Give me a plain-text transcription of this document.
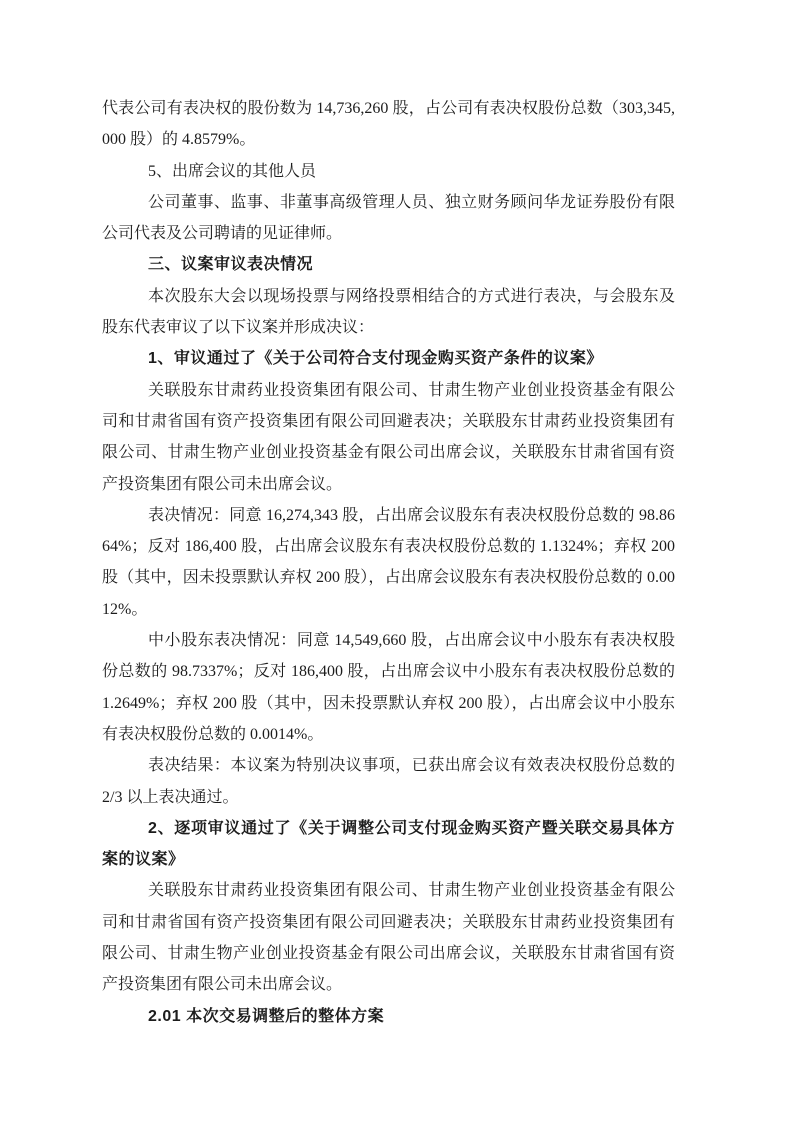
代表公司有表决权的股份数为 14,736,260 股，占公司有表决权股份总数（303,345,000 股）的 4.8579%。

5、出席会议的其他人员

公司董事、监事、非董事高级管理人员、独立财务顾问华龙证券股份有限公司代表及公司聘请的见证律师。

三、议案审议表决情况

本次股东大会以现场投票与网络投票相结合的方式进行表决，与会股东及股东代表审议了以下议案并形成决议：

1、审议通过了《关于公司符合支付现金购买资产条件的议案》

关联股东甘肃药业投资集团有限公司、甘肃生物产业创业投资基金有限公司和甘肃省国有资产投资集团有限公司回避表决；关联股东甘肃药业投资集团有限公司、甘肃生物产业创业投资基金有限公司出席会议，关联股东甘肃省国有资产投资集团有限公司未出席会议。

表决情况：同意 16,274,343 股，占出席会议股东有表决权股份总数的 98.8664%；反对 186,400 股，占出席会议股东有表决权股份总数的 1.1324%；弃权 200 股（其中，因未投票默认弃权 200 股），占出席会议股东有表决权股份总数的 0.0012%。

中小股东表决情况：同意 14,549,660 股，占出席会议中小股东有表决权股份总数的 98.7337%；反对 186,400 股，占出席会议中小股东有表决权股份总数的 1.2649%；弃权 200 股（其中，因未投票默认弃权 200 股），占出席会议中小股东有表决权股份总数的 0.0014%。

表决结果：本议案为特别决议事项，已获出席会议有效表决权股份总数的 2/3 以上表决通过。

2、逐项审议通过了《关于调整公司支付现金购买资产暨关联交易具体方案的议案》

关联股东甘肃药业投资集团有限公司、甘肃生物产业创业投资基金有限公司和甘肃省国有资产投资集团有限公司回避表决；关联股东甘肃药业投资集团有限公司、甘肃生物产业创业投资基金有限公司出席会议，关联股东甘肃省国有资产投资集团有限公司未出席会议。

2.01 本次交易调整后的整体方案
